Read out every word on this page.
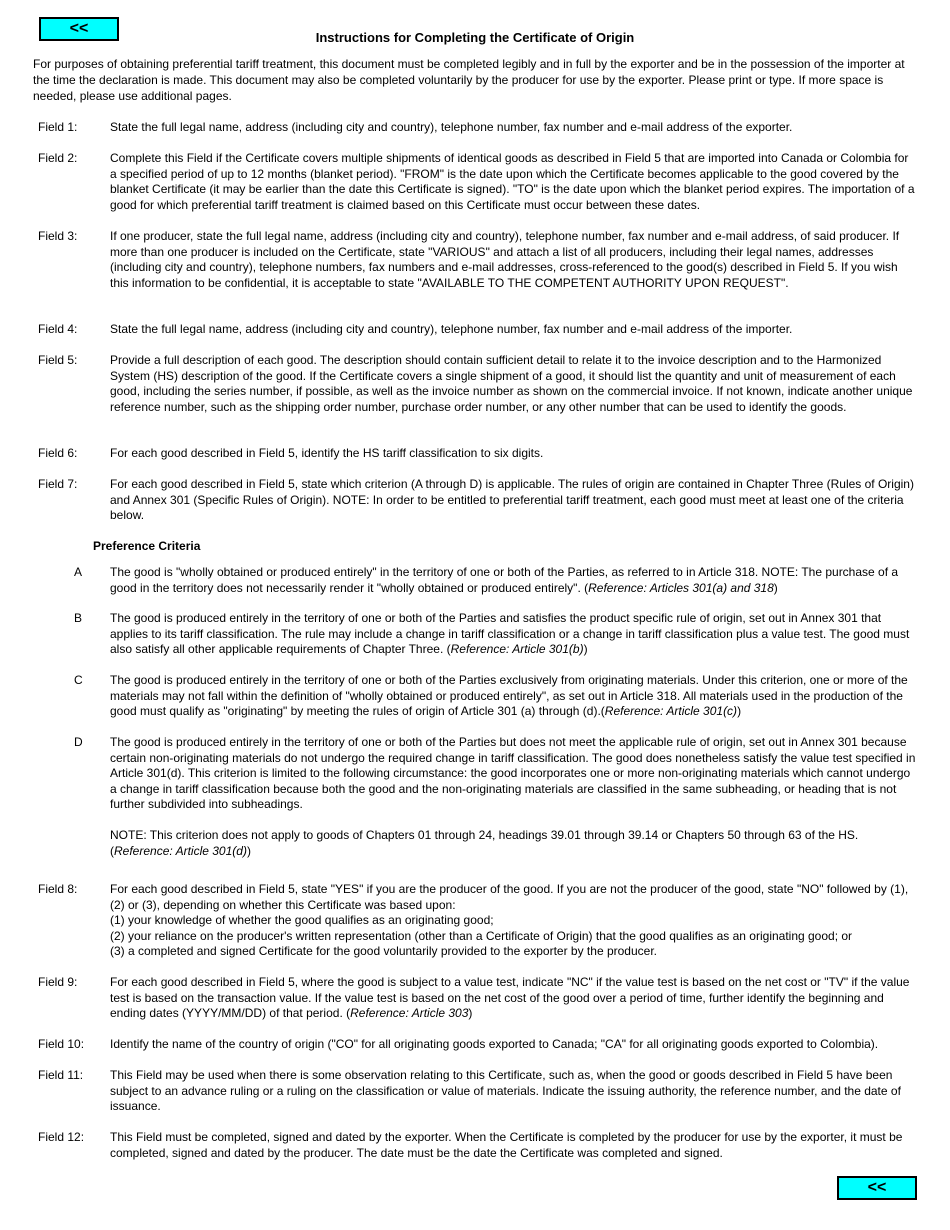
<<
Instructions for Completing the Certificate of Origin
For purposes of obtaining preferential tariff treatment, this document must be completed legibly and in full by the exporter and be in the possession of the importer at the time the declaration is made. This document may also be completed voluntarily by the producer for use by the exporter. Please print or type. If more space is needed, please use additional pages.
Field 1:	State the full legal name, address (including city and country), telephone number, fax number and e-mail address of the exporter.
Field 2:	Complete this Field if the Certificate covers multiple shipments of identical goods as described in Field 5 that are imported into Canada or Colombia for a specified period of up to 12 months (blanket period). "FROM" is the date upon which the Certificate becomes applicable to the good covered by the blanket Certificate (it may be earlier than the date this Certificate is signed). "TO" is the date upon which the blanket period expires. The importation of a good for which preferential tariff treatment is claimed based on this Certificate must occur between these dates.
Field 3:	If one producer, state the full legal name, address (including city and country), telephone number, fax number and e-mail address, of said producer. If more than one producer is included on the Certificate, state "VARIOUS" and attach a list of all producers, including their legal names, addresses (including city and country), telephone numbers, fax numbers and e-mail addresses, cross-referenced to the good(s) described in Field 5. If you wish this information to be confidential, it is acceptable to state "AVAILABLE TO THE COMPETENT AUTHORITY UPON REQUEST".
Field 4:	State the full legal name, address (including city and country), telephone number, fax number and e-mail address of the importer.
Field 5:	Provide a full description of each good. The description should contain sufficient detail to relate it to the invoice description and to the Harmonized System (HS) description of the good. If the Certificate covers a single shipment of a good, it should list the quantity and unit of measurement of each good, including the series number, if possible, as well as the invoice number as shown on the commercial invoice. If not known, indicate another unique reference number, such as the shipping order number, purchase order number, or any other number that can be used to identify the goods.
Field 6:	For each good described in Field 5, identify the HS tariff classification to six digits.
Field 7:	For each good described in Field 5, state which criterion (A through D) is applicable. The rules of origin are contained in Chapter Three (Rules of Origin) and Annex 301 (Specific Rules of Origin). NOTE: In order to be entitled to preferential tariff treatment, each good must meet at least one of the criteria below.
Preference Criteria
A The good is "wholly obtained or produced entirely" in the territory of one or both of the Parties, as referred to in Article 318. NOTE: The purchase of a good in the territory does not necessarily render it "wholly obtained or produced entirely". (Reference: Articles 301(a) and 318)
B The good is produced entirely in the territory of one or both of the Parties and satisfies the product specific rule of origin, set out in Annex 301 that applies to its tariff classification. The rule may include a change in tariff classification or a change in tariff classification plus a value test. The good must also satisfy all other applicable requirements of Chapter Three. (Reference: Article 301(b))
C The good is produced entirely in the territory of one or both of the Parties exclusively from originating materials. Under this criterion, one or more of the materials may not fall within the definition of "wholly obtained or produced entirely", as set out in Article 318. All materials used in the production of the good must qualify as "originating" by meeting the rules of origin of Article 301 (a) through (d).(Reference: Article 301(c))
D The good is produced entirely in the territory of one or both of the Parties but does not meet the applicable rule of origin, set out in Annex 301 because certain non-originating materials do not undergo the required change in tariff classification. The good does nonetheless satisfy the value test specified in Article 301(d). This criterion is limited to the following circumstance: the good incorporates one or more non-originating materials which cannot undergo a change in tariff classification because both the good and the non-originating materials are classified in the same subheading, or heading that is not further subdivided into subheadings.
NOTE: This criterion does not apply to goods of Chapters 01 through 24, headings 39.01 through 39.14 or Chapters 50 through 63 of the HS. (Reference: Article 301(d))
Field 8:	For each good described in Field 5, state "YES" if you are the producer of the good. If you are not the producer of the good, state "NO" followed by (1), (2) or (3), depending on whether this Certificate was based upon:
(1) your knowledge of whether the good qualifies as an originating good;
(2) your reliance on the producer's written representation (other than a Certificate of Origin) that the good qualifies as an originating good; or
(3) a completed and signed Certificate for the good voluntarily provided to the exporter by the producer.
Field 9:	For each good described in Field 5, where the good is subject to a value test, indicate "NC" if the value test is based on the net cost or "TV" if the value test is based on the transaction value. If the value test is based on the net cost of the good over a period of time, further identify the beginning and ending dates (YYYY/MM/DD) of that period. (Reference: Article 303)
Field 10: Identify the name of the country of origin ("CO" for all originating goods exported to Canada; "CA" for all originating goods exported to Colombia).
Field 11: This Field may be used when there is some observation relating to this Certificate, such as, when the good or goods described in Field 5 have been subject to an advance ruling or a ruling on the classification or value of materials. Indicate the issuing authority, the reference number, and the date of issuance.
Field 12: This Field must be completed, signed and dated by the exporter. When the Certificate is completed by the producer for use by the exporter, it must be completed, signed and dated by the producer. The date must be the date the Certificate was completed and signed.
<<
